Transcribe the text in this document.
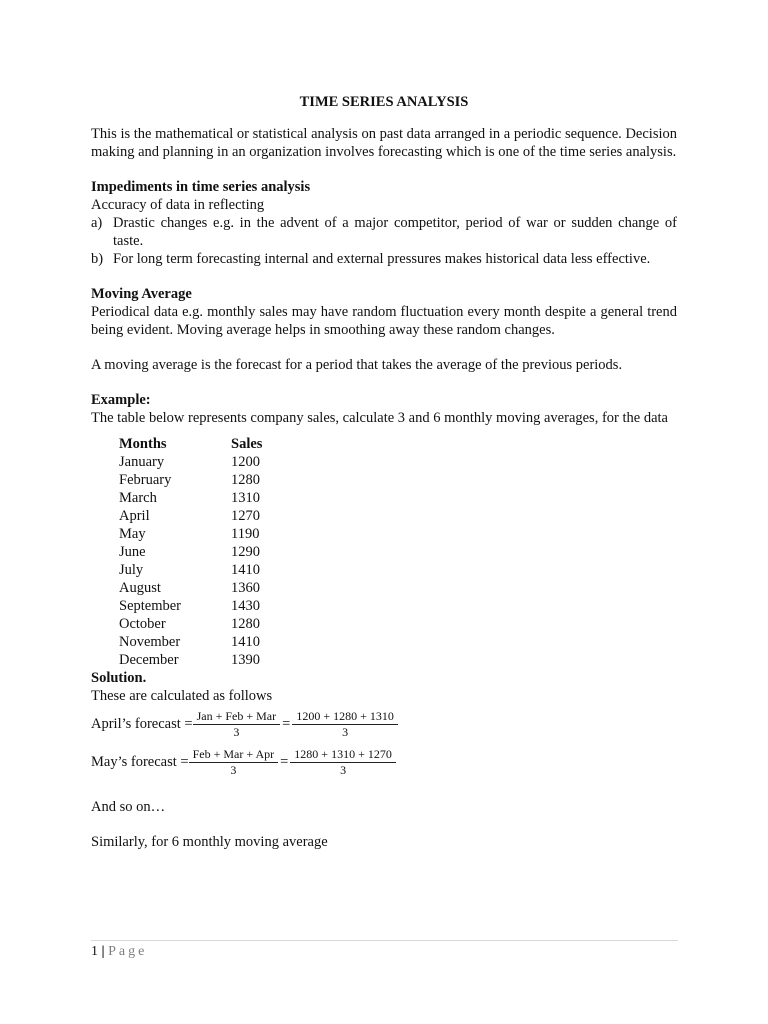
TIME SERIES ANALYSIS

This is the mathematical or statistical analysis on past data arranged in a periodic sequence. Decision making and planning in an organization involves forecasting which is one of the time series analysis.

Impediments in time series analysis
Accuracy of data in reflecting
a) Drastic changes e.g. in the advent of a major competitor, period of war or sudden change of taste.
b) For long term forecasting internal and external pressures makes historical data less effective.
Moving Average

Periodical data e.g. monthly sales may have random fluctuation every month despite a general trend being evident. Moving average helps in smoothing away these random changes.

A moving average is the forecast for a period that takes the average of the previous periods.

Example:

The table below represents company sales, calculate 3 and 6 monthly moving averages, for the data

Months	Sales
January	1200
February	1280
March	1310
April	1270
May	1190
June	1290
July	1410
August	1360
September	1430
October	1280
November	1410
December	1390
Solution.
These are calculated as follows
April’s forecast = $\frac{\text{Jan + Feb + Mar}}{3} = \frac{1200 + 1280 + 1310}{3}$
May’s forecast = $\frac{\text{Feb + Mar + Apr}}{3} = \frac{1280 + 1310 + 1270}{3}$
And so on…
Similarly, for 6 monthly moving average
1 | Page
